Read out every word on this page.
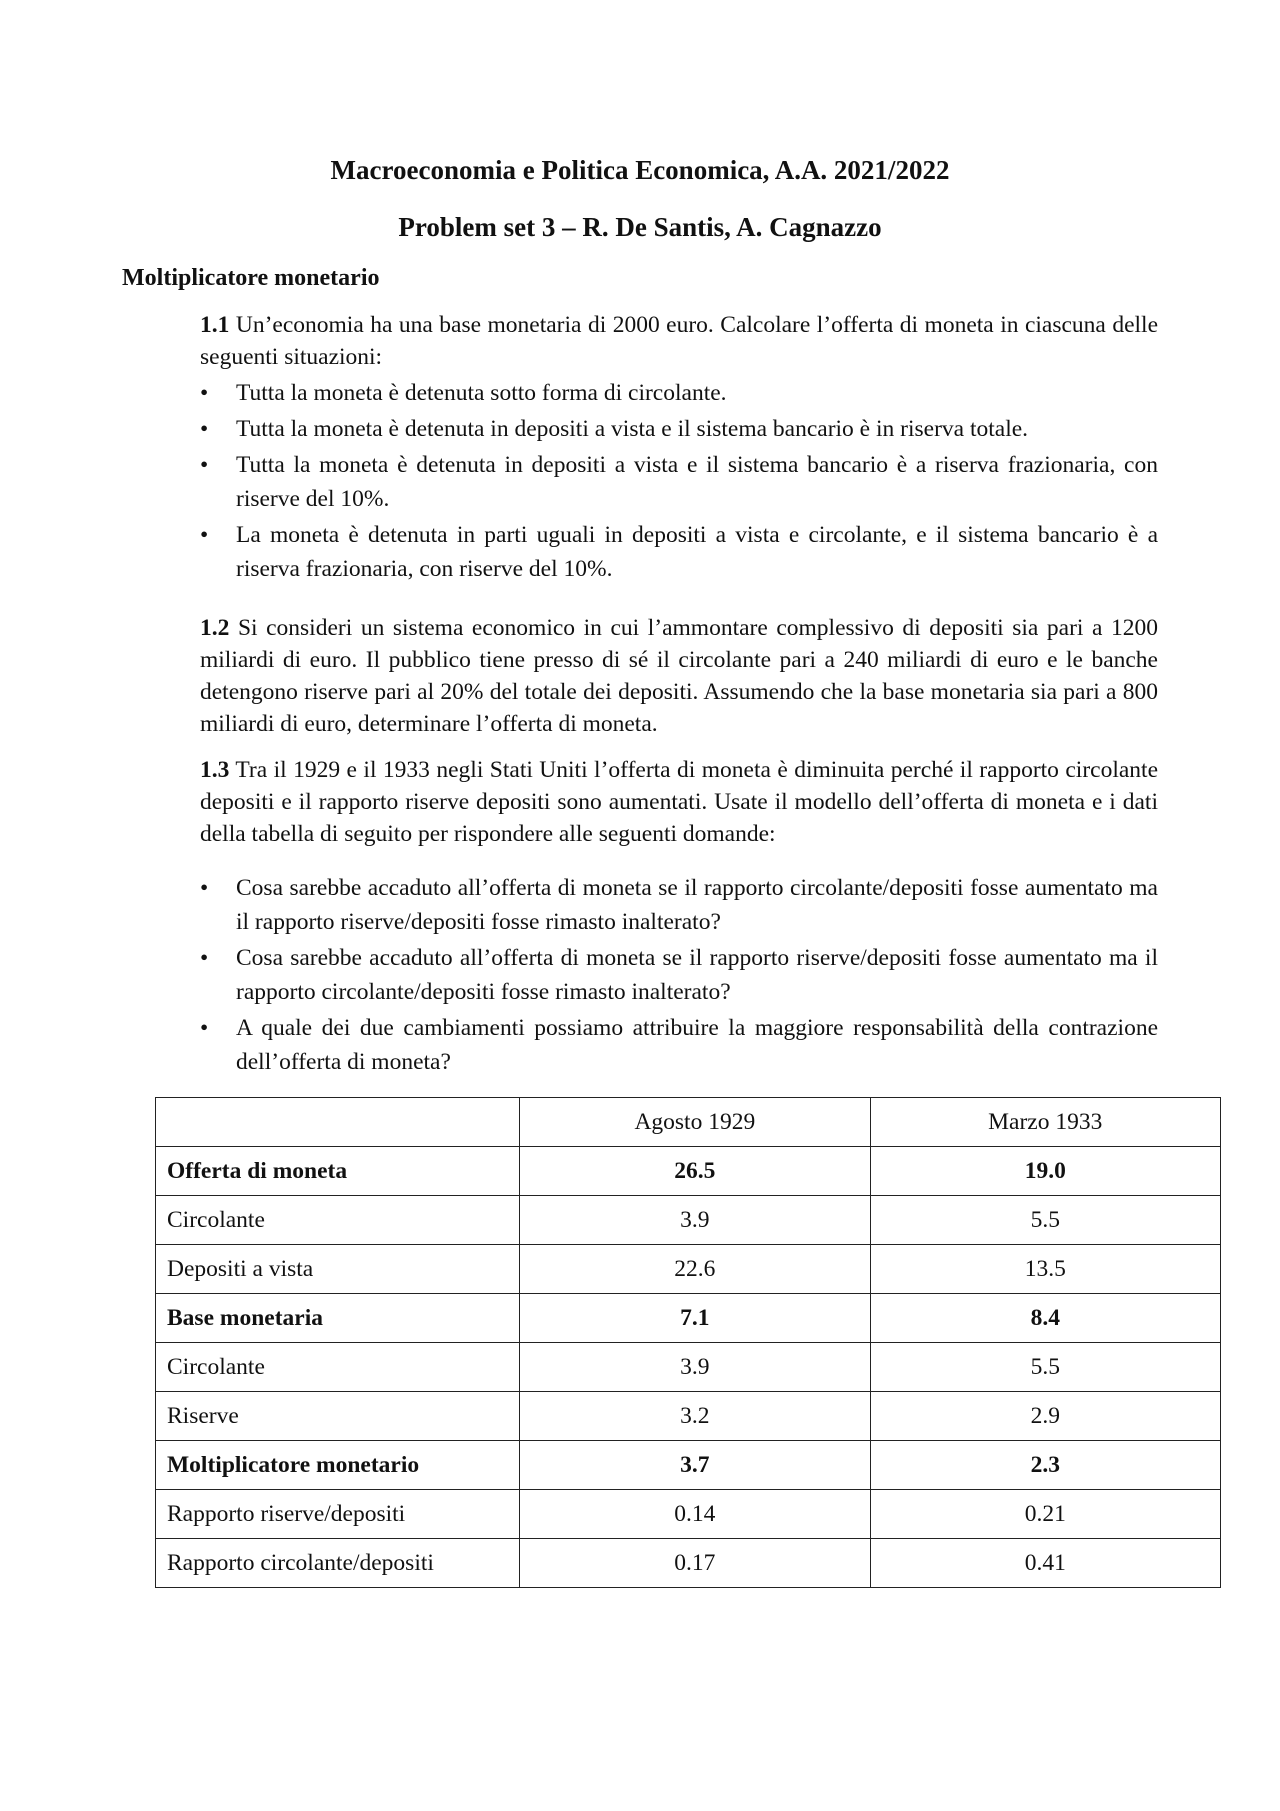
Macroeconomia e Politica Economica, A.A. 2021/2022
Problem set 3 – R. De Santis, A. Cagnazzo
Moltiplicatore monetario

1.1 Un’economia ha una base monetaria di 2000 euro. Calcolare l’offerta di moneta in ciascuna delle seguenti situazioni:

• Tutta la moneta è detenuta sotto forma di circolante.
• Tutta la moneta è detenuta in depositi a vista e il sistema bancario è in riserva totale.
• Tutta la moneta è detenuta in depositi a vista e il sistema bancario è a riserva frazionaria, con riserve del 10%.
• La moneta è detenuta in parti uguali in depositi a vista e circolante, e il sistema bancario è a riserva frazionaria, con riserve del 10%.

1.2 Si consideri un sistema economico in cui l’ammontare complessivo di depositi sia pari a 1200 miliardi di euro. Il pubblico tiene presso di sé il circolante pari a 240 miliardi di euro e le banche detengono riserve pari al 20% del totale dei depositi. Assumendo che la base monetaria sia pari a 800 miliardi di euro, determinare l’offerta di moneta.

1.3 Tra il 1929 e il 1933 negli Stati Uniti l’offerta di moneta è diminuita perché il rapporto circolante depositi e il rapporto riserve depositi sono aumentati. Usate il modello dell’offerta di moneta e i dati della tabella di seguito per rispondere alle seguenti domande:

• Cosa sarebbe accaduto all’offerta di moneta se il rapporto circolante/depositi fosse aumentato ma il rapporto riserve/depositi fosse rimasto inalterato?
• Cosa sarebbe accaduto all’offerta di moneta se il rapporto riserve/depositi fosse aumentato ma il rapporto circolante/depositi fosse rimasto inalterato?
• A quale dei due cambiamenti possiamo attribuire la maggiore responsabilità della contrazione dell’offerta di moneta?
	Agosto 1929	Marzo 1933
Offerta di moneta	26.5	19.0
Circolante	3.9	5.5
Depositi a vista	22.6	13.5
Base monetaria	7.1	8.4
Circolante	3.9	5.5
Riserve	3.2	2.9
Moltiplicatore monetario	3.7	2.3
Rapporto riserve/depositi	0.14	0.21
Rapporto circolante/depositi	0.17	0.41
